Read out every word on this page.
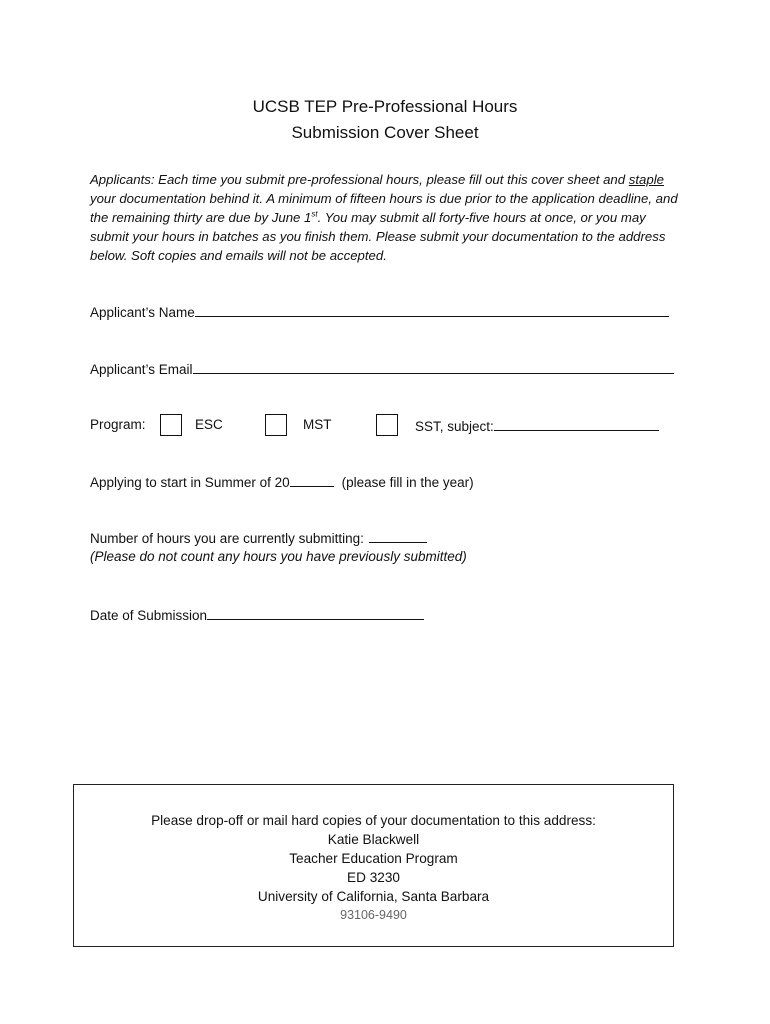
UCSB TEP Pre-Professional Hours
Submission Cover Sheet
Applicants: Each time you submit pre-professional hours, please fill out this cover sheet and staple your documentation behind it. A minimum of fifteen hours is due prior to the application deadline, and the remaining thirty are due by June 1st. You may submit all forty-five hours at once, or you may submit your hours in batches as you finish them. Please submit your documentation to the address below. Soft copies and emails will not be accepted.
Applicant’s Name
Applicant’s Email
Program:	ESC	MST	SST, subject:
Applying to start in Summer of 20	(please fill in the year)
Number of hours you are currently submitting:
(Please do not count any hours you have previously submitted)
Date of Submission
Please drop-off or mail hard copies of your documentation to this address:
Katie Blackwell
Teacher Education Program
ED 3230
University of California, Santa Barbara
93106-9490
